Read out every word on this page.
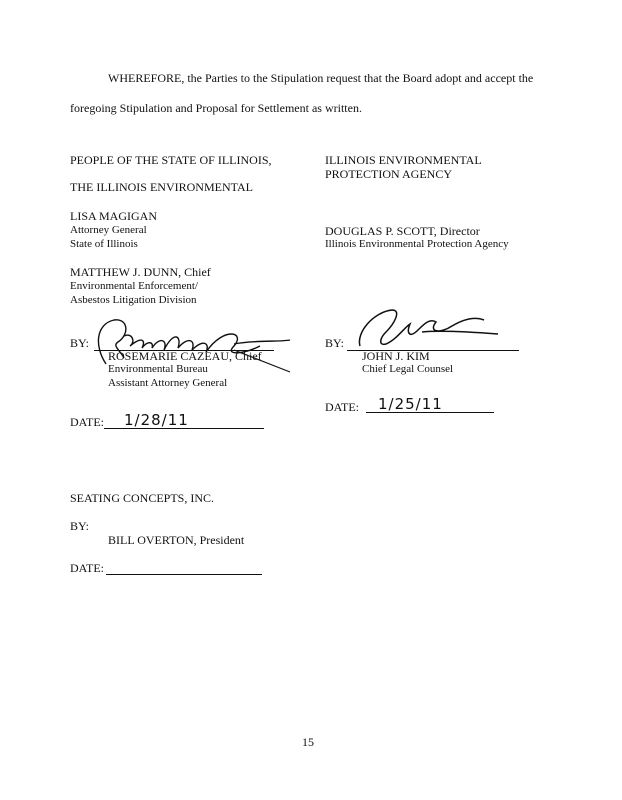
WHEREFORE, the Parties to the Stipulation request that the Board adopt and accept the
foregoing Stipulation and Proposal for Settlement as written.
PEOPLE OF THE STATE OF ILLINOIS,
THE ILLINOIS ENVIRONMENTAL
LISA MAGIGAN
Attorney General
State of Illinois
MATTHEW J. DUNN, Chief
Environmental Enforcement/
Asbestos Litigation Division
BY:
ROSEMARIE CAZEAU, Chief
Environmental Bureau
Assistant Attorney General
DATE: 1/28/11
ILLINOIS ENVIRONMENTAL
PROTECTION AGENCY
DOUGLAS P. SCOTT, Director
Illinois Environmental Protection Agency
BY:
JOHN J. KIM
Chief Legal Counsel
DATE: 1/25/11
SEATING CONCEPTS, INC.
BY:
BILL OVERTON, President
DATE:
15
